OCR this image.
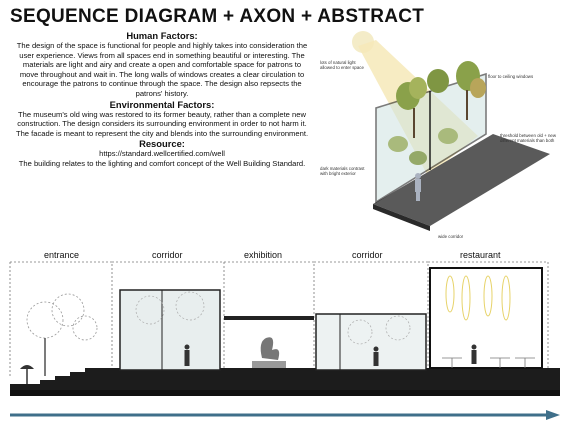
SEQUENCE DIAGRAM + AXON + ABSTRACT
Human Factors:

The design of the space is functional for people and highly takes into consideration the user experience. Views from all spaces end in something beautiful or interesting. The materials are light and airy and create a open and comfortable space for patrons to move throughout and wait in. The long walls of windows creates a clear circulation to encourage the patrons to continue through the space. The design also repsects the patrons' history.

Environmental Factors:

The museum's old wing was restored to its former beauty, rather than a complete new construction. The design considers its surrounding environment in order to not harm it. The facade is meant to represent the city and blends into the surrounding environment.

Resource:

https://standard.wellcertified.com/well

The building relates to the lighting and comfort concept of the Well Building Standard.

lots of natural light allowed to enter space
floor to ceiling windows
threshold between old + new different materials than both
dark materials contrast with bright exterior
wide corridor
entrance	corridor	exhibition	corridor	restaurant
